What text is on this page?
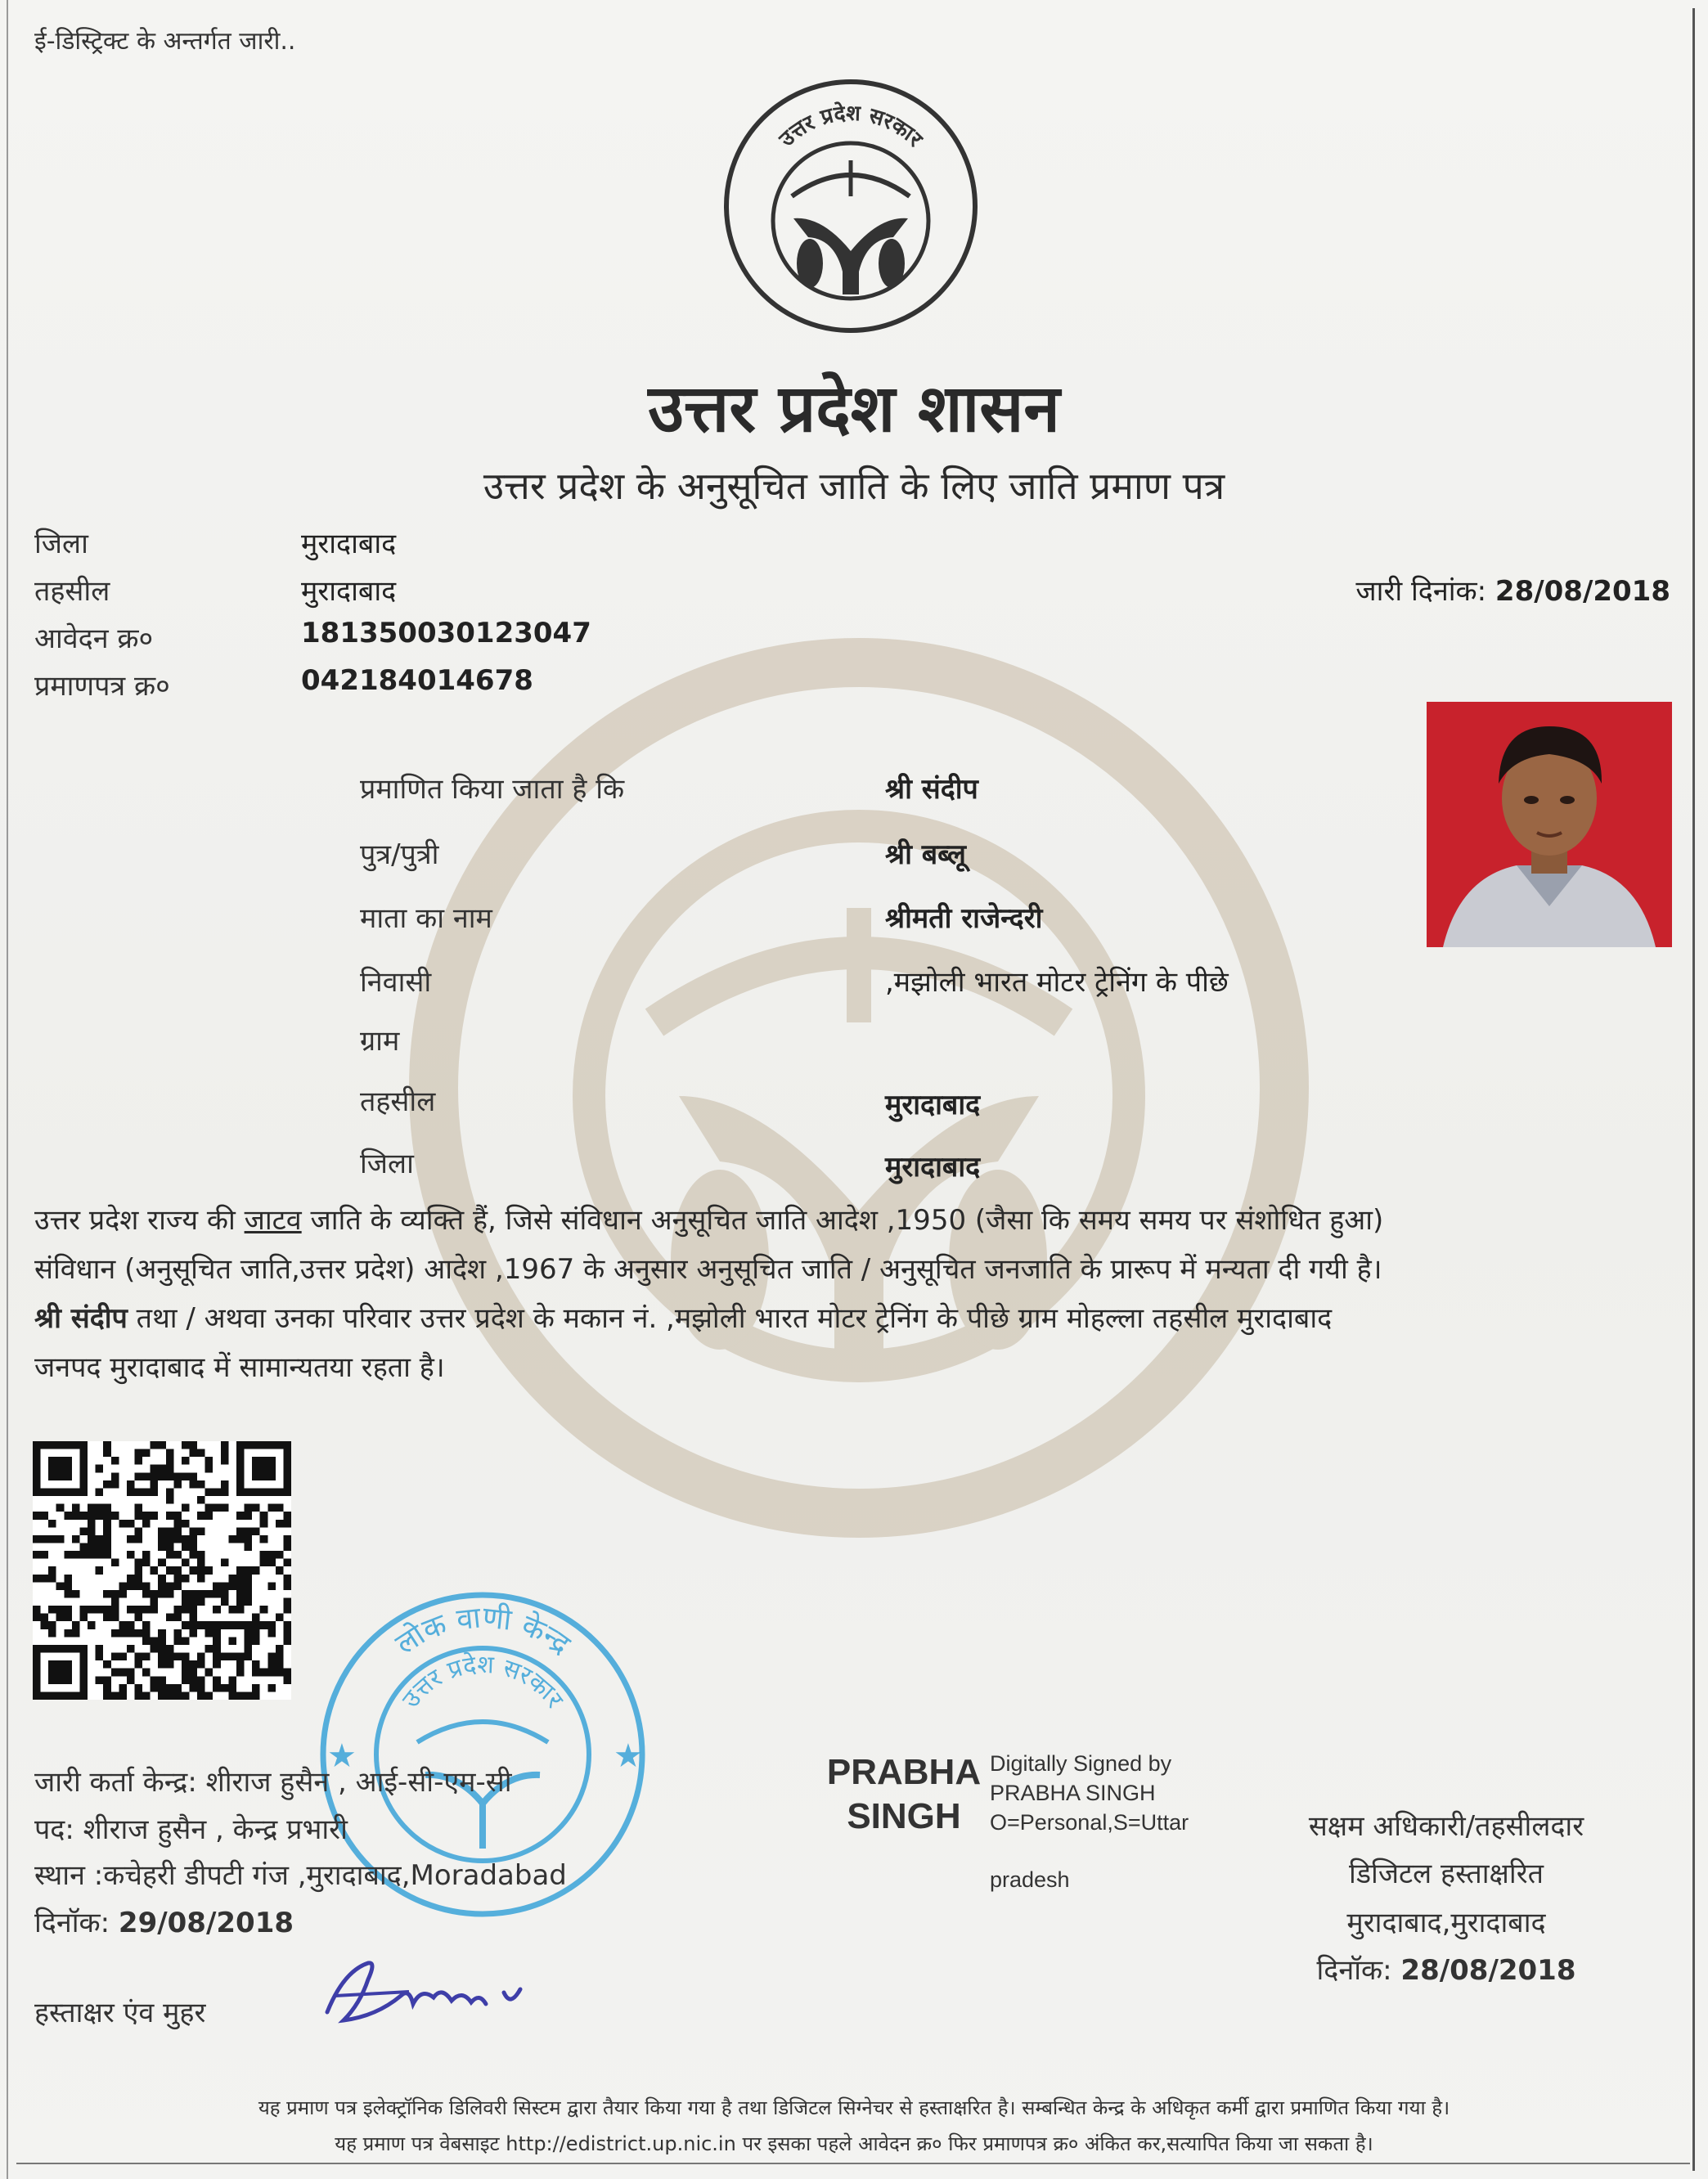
ई-डिस्ट्रिक्ट के अन्तर्गत जारी..
उत्तर प्रदेश सरकार
उत्तर प्रदेश शासन
उत्तर प्रदेश के अनुसूचित जाति के लिए जाति प्रमाण पत्र
जिला	मुरादाबाद
तहसील	मुरादाबाद
आवेदन क्र०	181350030123047
प्रमाणपत्र क्र०	042184014678
जारी दिनांक: 28/08/2018
प्रमाणित किया जाता है कि	श्री संदीप
पुत्र/पुत्री	श्री बब्लू
माता का नाम	श्रीमती राजेन्दरी
निवासी	,मझोली भारत मोटर ट्रेनिंग के पीछे
ग्राम
तहसील	मुरादाबाद
जिला	मुरादाबाद

उत्तर प्रदेश राज्य की जाटव जाति के व्यक्ति हैं, जिसे संविधान अनुसूचित जाति आदेश ,1950 (जैसा कि समय समय पर संशोधित हुआ)

संविधान (अनुसूचित जाति,उत्तर प्रदेश) आदेश ,1967 के अनुसार अनुसूचित जाति / अनुसूचित जनजाति के प्रारूप में मन्यता दी गयी है।

श्री संदीप तथा / अथवा उनका परिवार उत्तर प्रदेश के मकान नं. ,मझोली भारत मोटर ट्रेनिंग के पीछे ग्राम मोहल्ला तहसील मुरादाबाद

जनपद मुरादाबाद में सामान्यतया रहता है।

लोक वाणी केन्द्र
उत्तर प्रदेश सरकार
★	★
जारी कर्ता केन्द्र: शीराज हुसैन , आई-सी-एम-सी
पद: शीराज हुसैन , केन्द्र प्रभारी
स्थान :कचेहरी डीपटी गंज ,मुरादाबाद,Moradabad
दिनॉक: 29/08/2018
हस्ताक्षर एंव मुहर
PRABHA
SINGH
Digitally Signed by
PRABHA SINGH
O=Personal,S=Uttar
pradesh
सक्षम अधिकारी/तहसीलदार
डिजिटल हस्ताक्षरित
मुरादाबाद,मुरादाबाद
दिनॉक: 28/08/2018
यह प्रमाण पत्र इलेक्ट्रॉनिक डिलिवरी सिस्टम द्वारा तैयार किया गया है तथा डिजिटल सिग्नेचर से हस्ताक्षरित है। सम्बन्धित केन्द्र के अधिकृत कर्मी द्वारा प्रमाणित किया गया है।
यह प्रमाण पत्र वेबसाइट http://edistrict.up.nic.in पर इसका पहले आवेदन क्र० फिर प्रमाणपत्र क्र० अंकित कर,सत्यापित किया जा सकता है।
